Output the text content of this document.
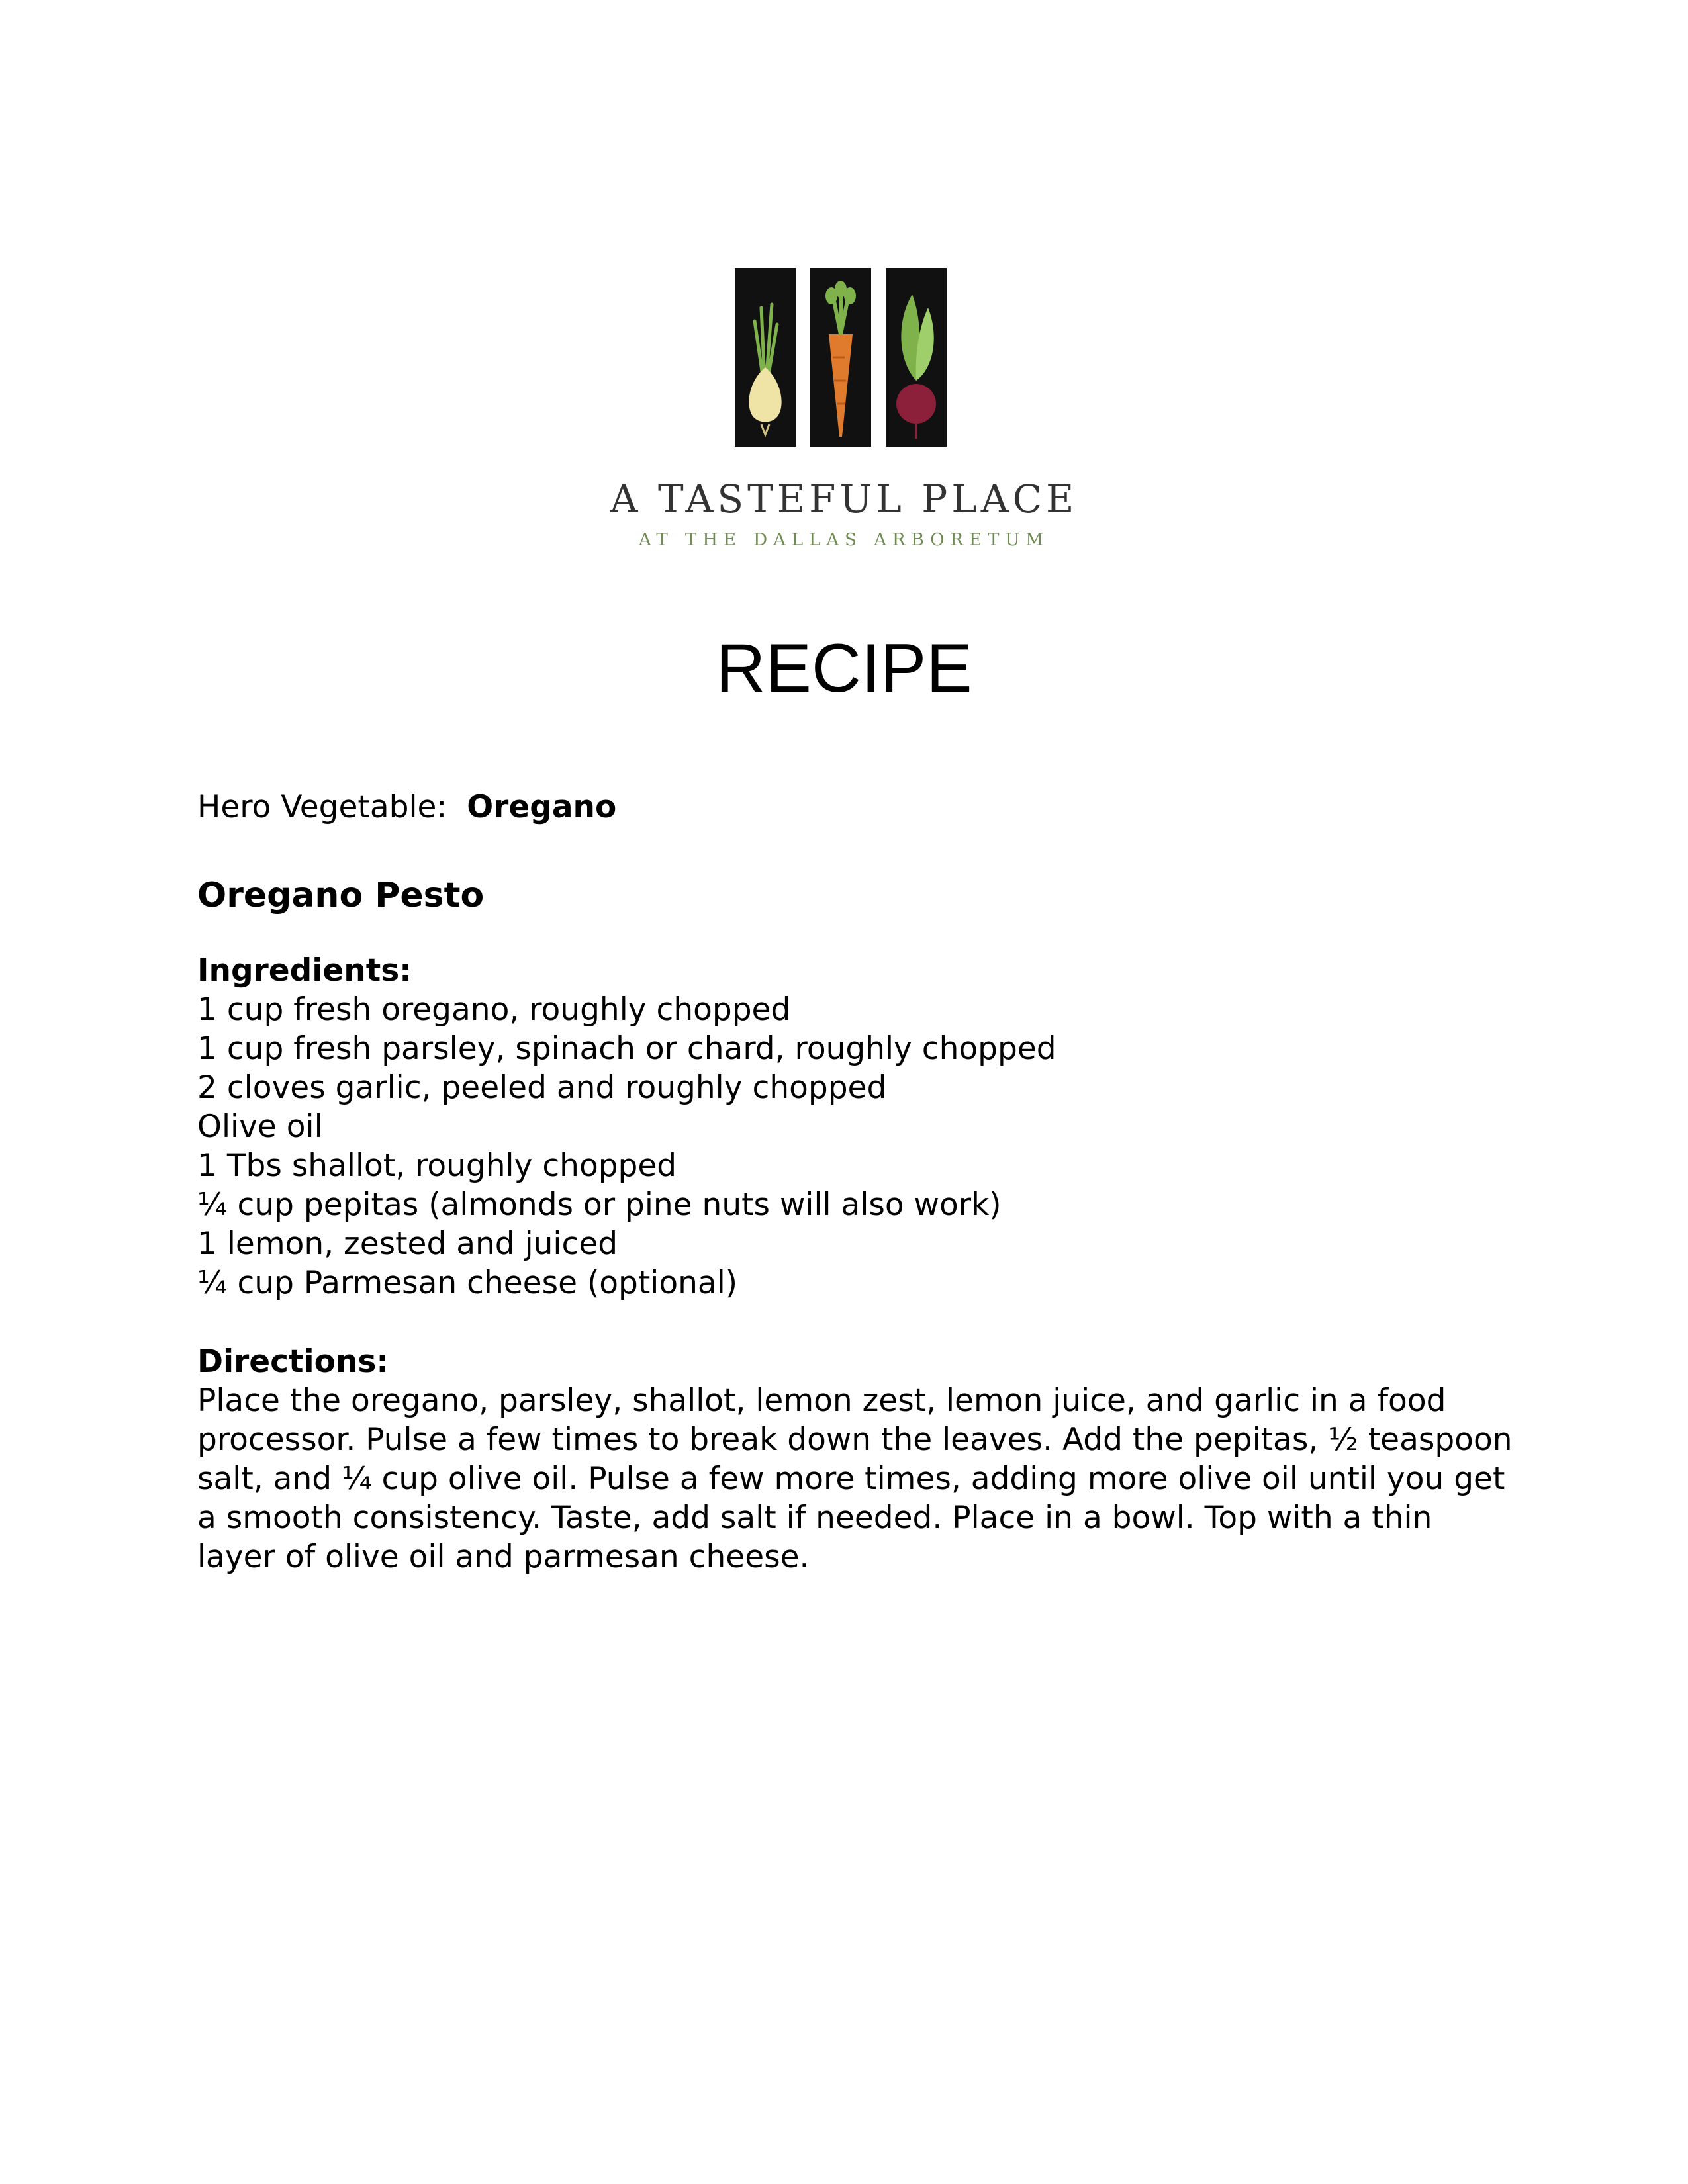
A TASTEFUL PLACE
AT THE DALLAS ARBORETUM
RECIPE

Hero Vegetable: Oregano

Oregano Pesto

Ingredients:

1 cup fresh oregano, roughly chopped
1 cup fresh parsley, spinach or chard, roughly chopped
2 cloves garlic, peeled and roughly chopped
Olive oil
1 Tbs shallot, roughly chopped
¼ cup pepitas (almonds or pine nuts will also work)
1 lemon, zested and juiced
¼ cup Parmesan cheese (optional)

Directions:

Place the oregano, parsley, shallot, lemon zest, lemon juice, and garlic in a food processor. Pulse a few times to break down the leaves. Add the pepitas, ½ teaspoon salt, and ¼ cup olive oil. Pulse a few more times, adding more olive oil until you get a smooth consistency. Taste, add salt if needed. Place in a bowl. Top with a thin layer of olive oil and parmesan cheese.
